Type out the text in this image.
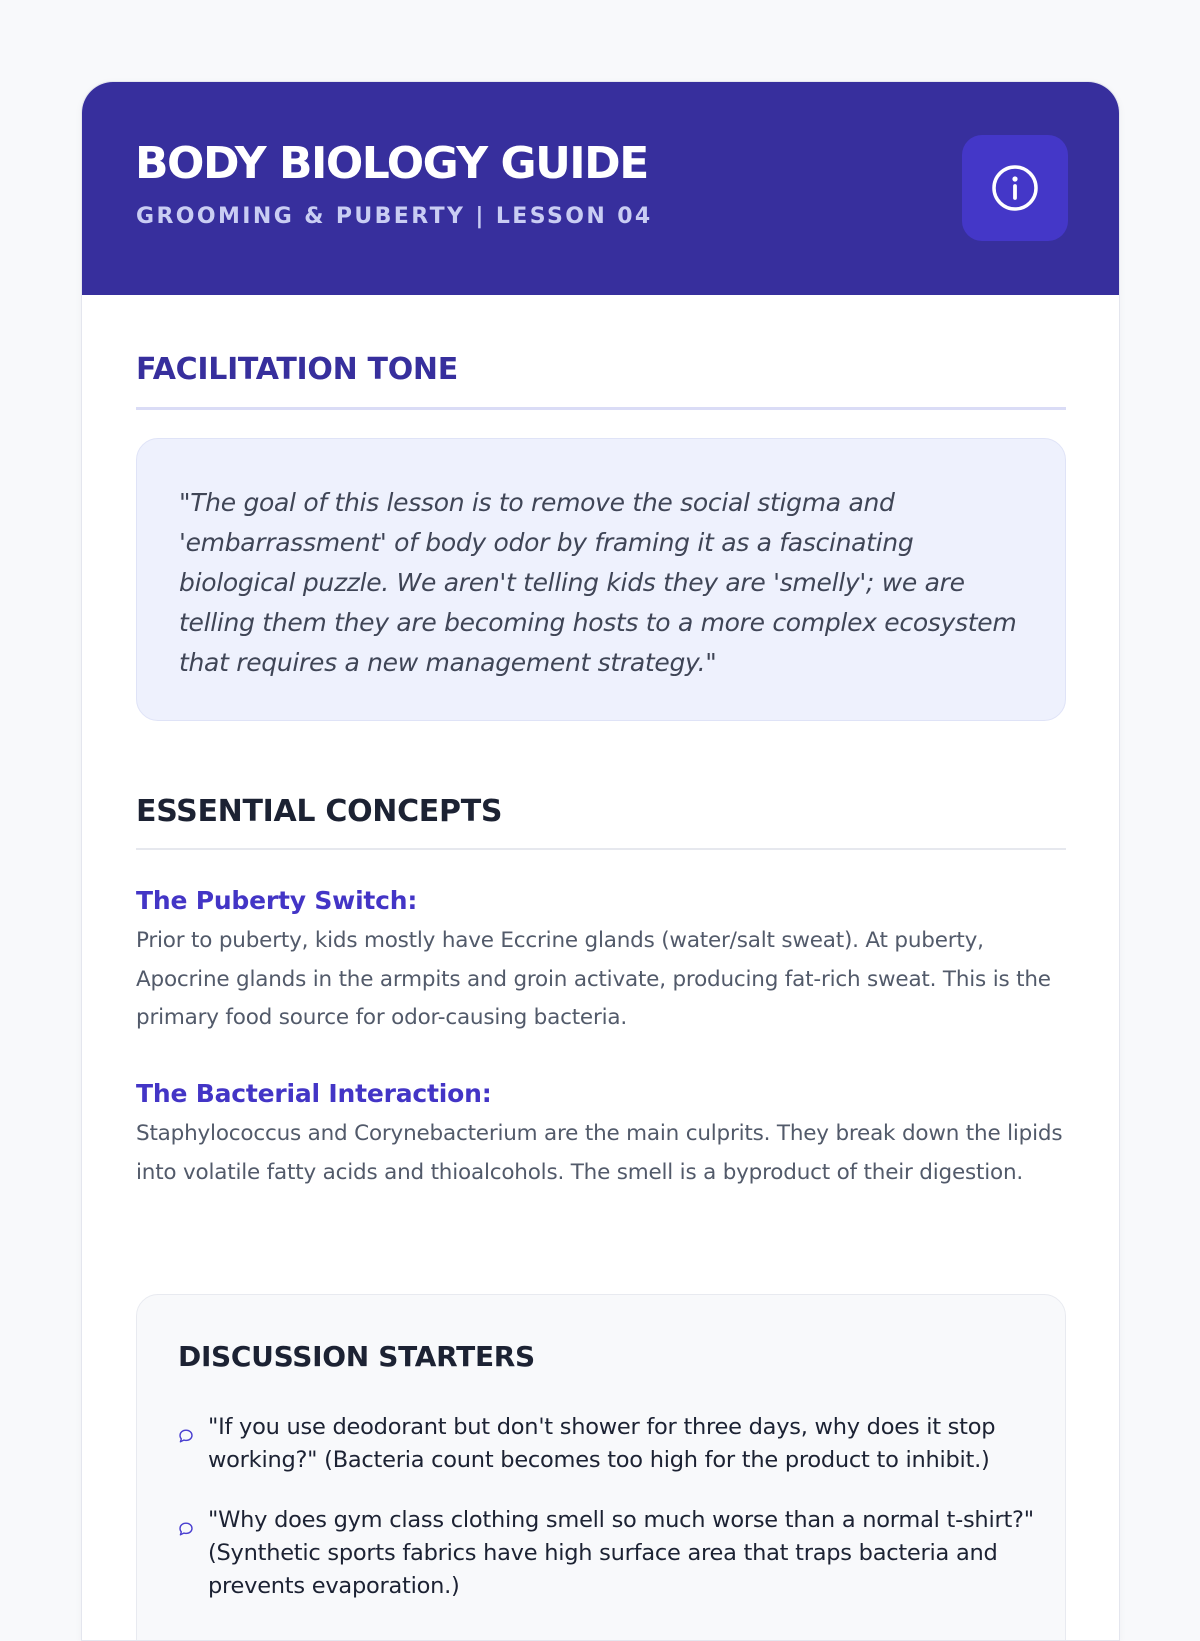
BODY BIOLOGY GUIDE
GROOMING & PUBERTY | LESSON 04
FACILITATION TONE

"The goal of this lesson is to remove the social stigma and 'embarrassment' of body odor by framing it as a fascinating biological puzzle. We aren't telling kids they are 'smelly'; we are telling them they are becoming hosts to a more complex ecosystem that requires a new management strategy."

ESSENTIAL CONCEPTS
The Puberty Switch:

Prior to puberty, kids mostly have Eccrine glands (water/salt sweat). At puberty, Apocrine glands in the armpits and groin activate, producing fat-rich sweat. This is the primary food source for odor-causing bacteria.

The Bacterial Interaction:

Staphylococcus and Corynebacterium are the main culprits. They break down the lipids into volatile fatty acids and thioalcohols. The smell is a byproduct of their digestion.

DISCUSSION STARTERS
"If you use deodorant but don't shower for three days, why does it stop working?" (Bacteria count becomes too high for the product to inhibit.)
"Why does gym class clothing smell so much worse than a normal t-shirt?" (Synthetic sports fabrics have high surface area that traps bacteria and prevents evaporation.)
